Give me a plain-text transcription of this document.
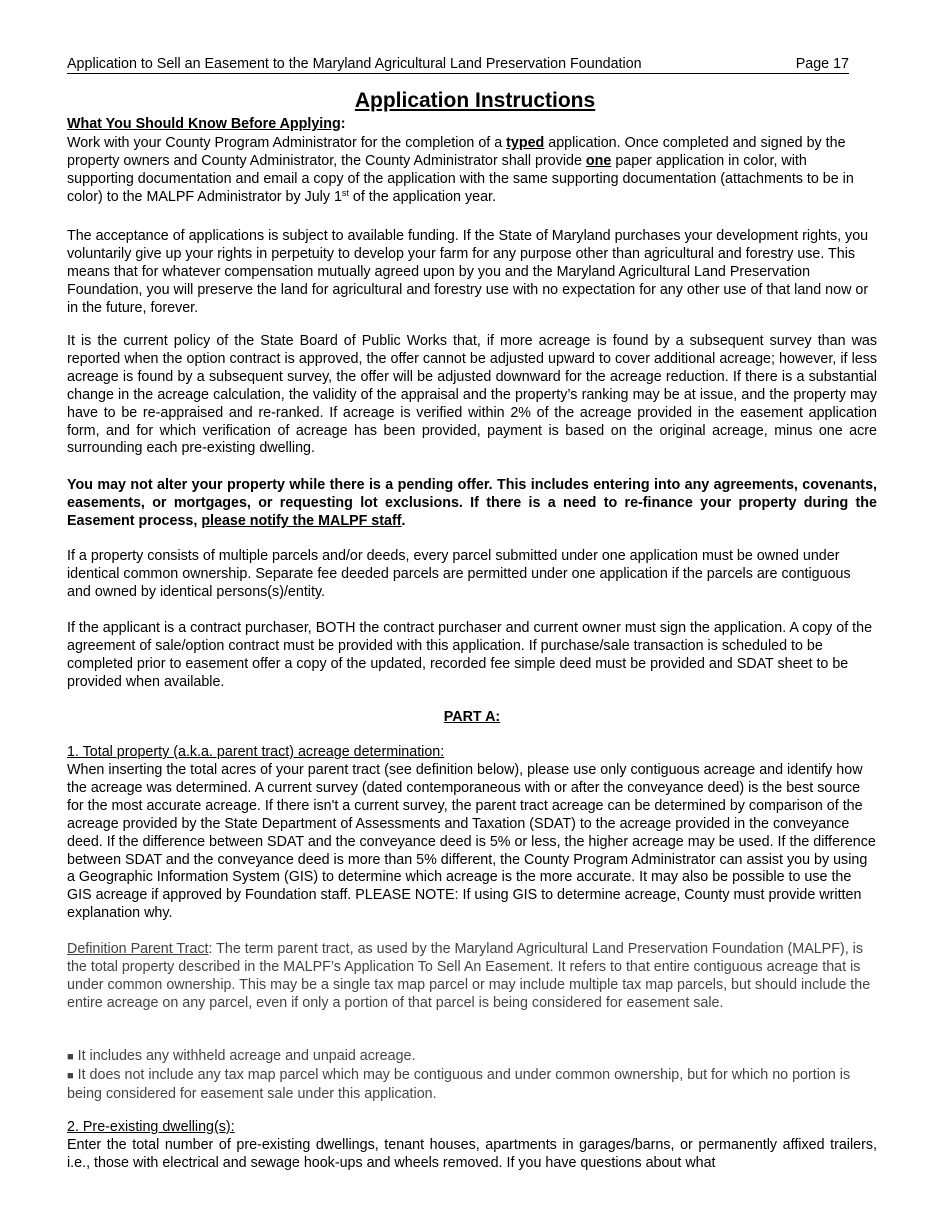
Application to Sell an Easement to the Maryland Agricultural Land Preservation Foundation	Page 17
Application Instructions

What You Should Know Before Applying:

Work with your County Program Administrator for the completion of a typed application. Once completed and signed by the property owners and County Administrator, the County Administrator shall provide one paper application in color, with supporting documentation and email a copy of the application with the same supporting documentation (attachments to be in color) to the MALPF Administrator by July 1st of the application year.

The acceptance of applications is subject to available funding. If the State of Maryland purchases your development rights, you voluntarily give up your rights in perpetuity to develop your farm for any purpose other than agricultural and forestry use. This means that for whatever compensation mutually agreed upon by you and the Maryland Agricultural Land Preservation Foundation, you will preserve the land for agricultural and forestry use with no expectation for any other use of that land now or in the future, forever.

It is the current policy of the State Board of Public Works that, if more acreage is found by a subsequent survey than was reported when the option contract is approved, the offer cannot be adjusted upward to cover additional acreage; however, if less acreage is found by a subsequent survey, the offer will be adjusted downward for the acreage reduction. If there is a substantial change in the acreage calculation, the validity of the appraisal and the property’s ranking may be at issue, and the property may have to be re-appraised and re-ranked. If acreage is verified within 2% of the acreage provided in the easement application form, and for which verification of acreage has been provided, payment is based on the original acreage, minus one acre surrounding each pre-existing dwelling.

You may not alter your property while there is a pending offer. This includes entering into any agreements, covenants, easements, or mortgages, or requesting lot exclusions. If there is a need to re-finance your property during the Easement process, please notify the MALPF staff.

If a property consists of multiple parcels and/or deeds, every parcel submitted under one application must be owned under identical common ownership. Separate fee deeded parcels are permitted under one application if the parcels are contiguous and owned by identical persons(s)/entity.

If the applicant is a contract purchaser, BOTH the contract purchaser and current owner must sign the application. A copy of the agreement of sale/option contract must be provided with this application. If purchase/sale transaction is scheduled to be completed prior to easement offer a copy of the updated, recorded fee simple deed must be provided and SDAT sheet to be provided when available.

PART A:

1. Total property (a.k.a. parent tract) acreage determination:

When inserting the total acres of your parent tract (see definition below), please use only contiguous acreage and identify how the acreage was determined. A current survey (dated contemporaneous with or after the conveyance deed) is the best source for the most accurate acreage. If there isn't a current survey, the parent tract acreage can be determined by comparison of the acreage provided by the State Department of Assessments and Taxation (SDAT) to the acreage provided in the conveyance deed. If the difference between SDAT and the conveyance deed is 5% or less, the higher acreage may be used. If the difference between SDAT and the conveyance deed is more than 5% different, the County Program Administrator can assist you by using a Geographic Information System (GIS) to determine which acreage is the more accurate. It may also be possible to use the GIS acreage if approved by Foundation staff. PLEASE NOTE: If using GIS to determine acreage, County must provide written explanation why.

Definition Parent Tract: The term parent tract, as used by the Maryland Agricultural Land Preservation Foundation (MALPF), is the total property described in the MALPF’s Application To Sell An Easement. It refers to that entire contiguous acreage that is under common ownership. This may be a single tax map parcel or may include multiple tax map parcels, but should include the entire acreage on any parcel, even if only a portion of that parcel is being considered for easement sale.

■ It includes any withheld acreage and unpaid acreage.
■ It does not include any tax map parcel which may be contiguous and under common ownership, but for which no portion is being considered for easement sale under this application.

2. Pre-existing dwelling(s):

Enter the total number of pre-existing dwellings, tenant houses, apartments in garages/barns, or permanently affixed trailers, i.e., those with electrical and sewage hook-ups and wheels removed. If you have questions about what
